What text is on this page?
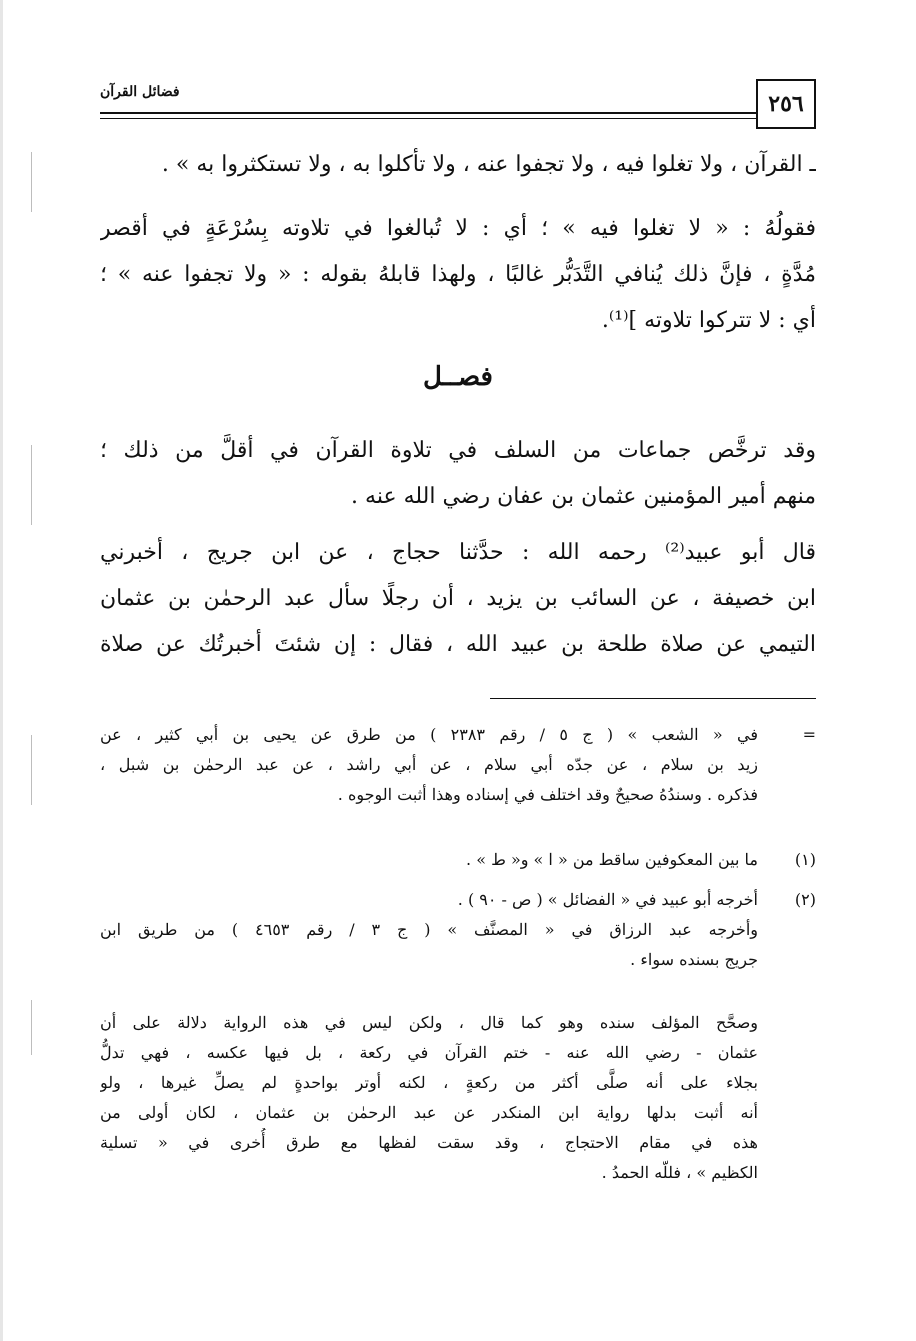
٢٥٦
فضائل القرآن
ـ القرآن ، ولا تغلوا فيه ، ولا تجفوا عنه ، ولا تأكلوا به ، ولا تستكثروا به » .
فقولُهُ : « لا تغلوا فيه » ؛ أي : لا تُبالغوا في تلاوته بِسُرْعَةٍ في أقصر
مُدَّةٍ ، فإنَّ ذلك يُنافي التَّدَبُّر غالبًا ، ولهذا قابلهُ بقوله : « ولا تجفوا عنه » ؛
أي : لا تتركوا تلاوته ]⁽¹⁾.
فصــل
وقد ترخَّص جماعات من السلف في تلاوة القرآن في أقلَّ من ذلك ؛
منهم أمير المؤمنين عثمان بن عفان رضي الله عنه .
قال أبو عبيد⁽²⁾ رحمه الله : حدَّثنا حجاج ، عن ابن جريج ، أخبرني
ابن خصيفة ، عن السائب بن يزيد ، أن رجلًا سأل عبد الرحمٰن بن عثمان
التيمي عن صلاة طلحة بن عبيد الله ، فقال : إن شئتَ أخبرتُك عن صلاة
=
في « الشعب » ( ج ٥ / رقم ٢٣٨٣ ) من طرق عن يحيى بن أبي كثير ، عن
زيد بن سلام ، عن جدّه أبي سلام ، عن أبي راشد ، عن عبد الرحمٰن بن شبل ،
فذكره . وسندُهُ صحيحٌ وقد اختلف في إسناده وهذا أثبت الوجوه .
(١)
ما بين المعكوفين ساقط من « ا » و« ط » .
(٢)
أخرجه أبو عبيد في « الفضائل » ( ص - ٩٠ ) .
وأخرجه عبد الرزاق في « المصنَّف » ( ج ٣ / رقم ٤٦٥٣ ) من طريق ابن
جريج بسنده سواء .
وصحَّح المؤلف سنده وهو كما قال ، ولكن ليس في هذه الرواية دلالة على أن
عثمان - رضي الله عنه - ختم القرآن في ركعة ، بل فيها عكسه ، فهي تدلُّ
بجلاء على أنه صلَّى أكثر من ركعةٍ ، لكنه أوتر بواحدةٍ لم يصلِّ غيرها ، ولو
أنه أثبت بدلها رواية ابن المنكدر عن عبد الرحمٰن بن عثمان ، لكان أولى من
هذه في مقام الاحتجاج ، وقد سقت لفظها مع طرق أُخرى في « تسلية
الكظيم » ، فللّه الحمدُ .
